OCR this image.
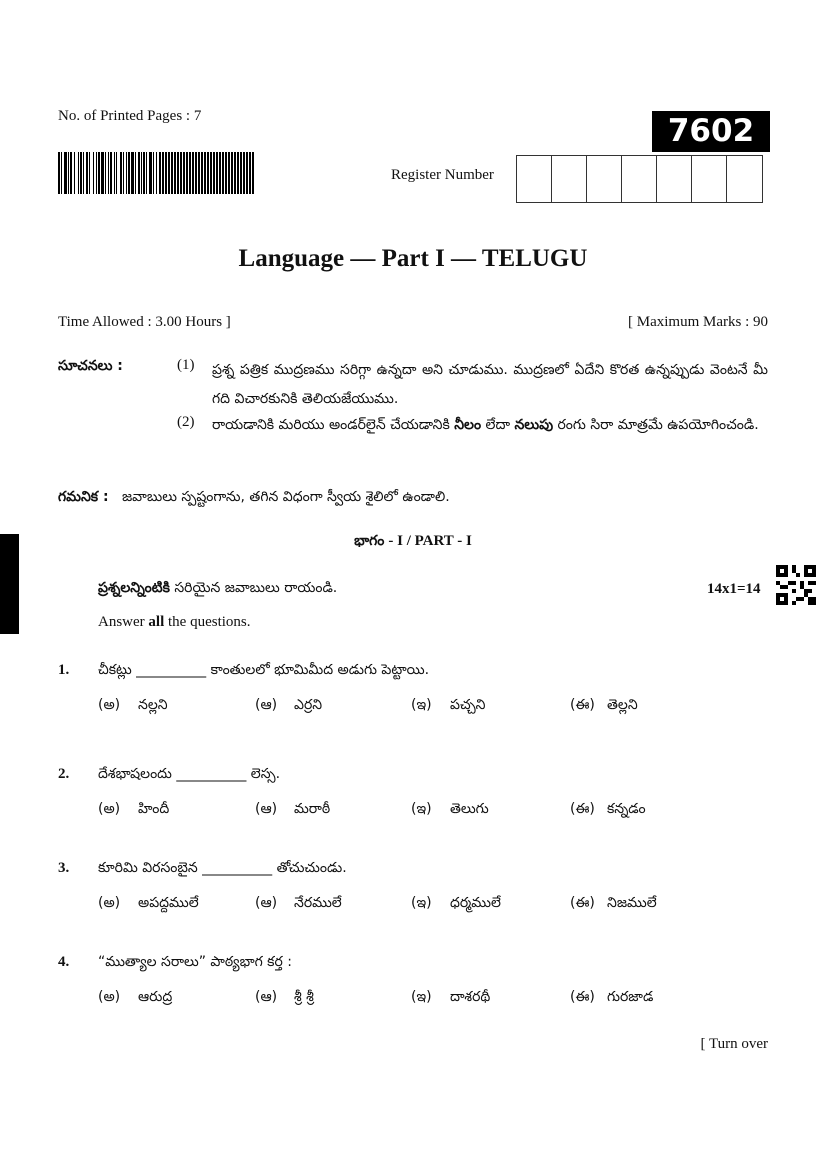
No. of Printed Pages : 7	7602
Register Number
Language — Part I — TELUGU
Time Allowed : 3.00 Hours ]	[ Maximum Marks : 90
సూచనలు :	(1) ప్రశ్న పత్రిక ముద్రణము సరిగ్గా ఉన్నదా అని చూడుము. ముద్రణలో ఏదేని కొరత ఉన్నప్పుడు వెంటనే మీ గది విచారకునికి తెలియజేయుము.
(2) రాయడానికి మరియు అండర్‌లైన్ చేయడానికి నీలం లేదా నలుపు రంగు సిరా మాత్రమే ఉపయోగించండి.
గమనిక : జవాబులు స్పష్టంగాను, తగిన విధంగా స్వీయ శైలిలో ఉండాలి.
భాగం - I / PART - I
ప్రశ్నలన్నింటికి సరియైన జవాబులు రాయండి.	14x1=14
Answer all the questions.
1. చీకట్లు __________ కాంతులలో భూమిమీద అడుగు పెట్టాయి.
(అ) నల్లని	(ఆ) ఎర్రని	(ఇ) పచ్చని	(ఈ) తెల్లని
2. దేశభాషలందు __________ లెస్స.
(అ) హిందీ	(ఆ) మరాఠీ	(ఇ) తెలుగు	(ఈ) కన్నడం
3. కూరిమి విరసంబైన __________ తోచుచుండు.
(అ) అపద్దములే	(ఆ) నేరములే	(ఇ) ధర్మములే	(ఈ) నిజములే
4. “ముత్యాల సరాలు” పాఠ్యభాగ కర్త :
(అ) ఆరుద్ర	(ఆ) శ్రీ శ్రీ	(ఇ) దాశరథీ	(ఈ) గురజాడ
[ Turn over
